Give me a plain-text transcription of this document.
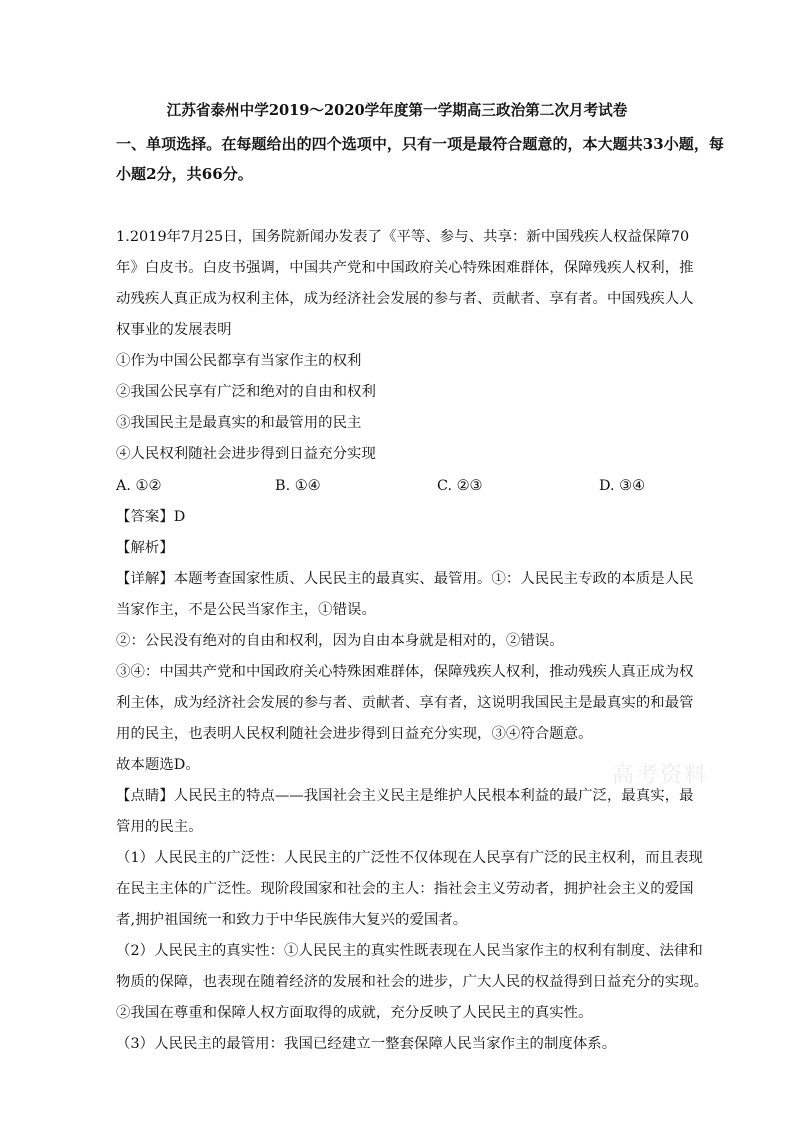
江苏省泰州中学2019～2020学年度第一学期高三政治第二次月考试卷
一、单项选择。在每题给出的四个选项中，只有一项是最符合题意的，本大题共33小题，每
小题2分，共66分。
1.2019年7月25日，国务院新闻办发表了《平等、参与、共享：新中国残疾人权益保障70
年》白皮书。白皮书强调，中国共产党和中国政府关心特殊困难群体，保障残疾人权利，推
动残疾人真正成为权利主体，成为经济社会发展的参与者、贡献者、享有者。中国残疾人人
权事业的发展表明
①作为中国公民都享有当家作主的权利
②我国公民享有广泛和绝对的自由和权利
③我国民主是最真实的和最管用的民主
④人民权利随社会进步得到日益充分实现
A. ①②	B. ①④	C. ②③	D. ③④
【答案】D
【解析】
【详解】本题考查国家性质、人民民主的最真实、最管用。①：人民民主专政的本质是人民
当家作主，不是公民当家作主，①错误。
②：公民没有绝对的自由和权利，因为自由本身就是相对的，②错误。
③④：中国共产党和中国政府关心特殊困难群体，保障残疾人权利，推动残疾人真正成为权
利主体，成为经济社会发展的参与者、贡献者、享有者，这说明我国民主是最真实的和最管
用的民主，也表明人民权利随社会进步得到日益充分实现，③④符合题意。
故本题选D。
【点睛】人民民主的特点——我国社会主义民主是维护人民根本利益的最广泛，最真实，最
管用的民主。
（1）人民民主的广泛性：人民民主的广泛性不仅体现在人民享有广泛的民主权利，而且表现
在民主主体的广泛性。现阶段国家和社会的主人：指社会主义劳动者，拥护社会主义的爱国
者,拥护祖国统一和致力于中华民族伟大复兴的爱国者。
（2）人民民主的真实性：①人民民主的真实性既表现在人民当家作主的权利有制度、法律和
物质的保障，也表现在随着经济的发展和社会的进步，广大人民的权益得到日益充分的实现。
②我国在尊重和保障人权方面取得的成就，充分反映了人民民主的真实性。
（3）人民民主的最管用：我国已经建立一整套保障人民当家作主的制度体系。
高考资料
